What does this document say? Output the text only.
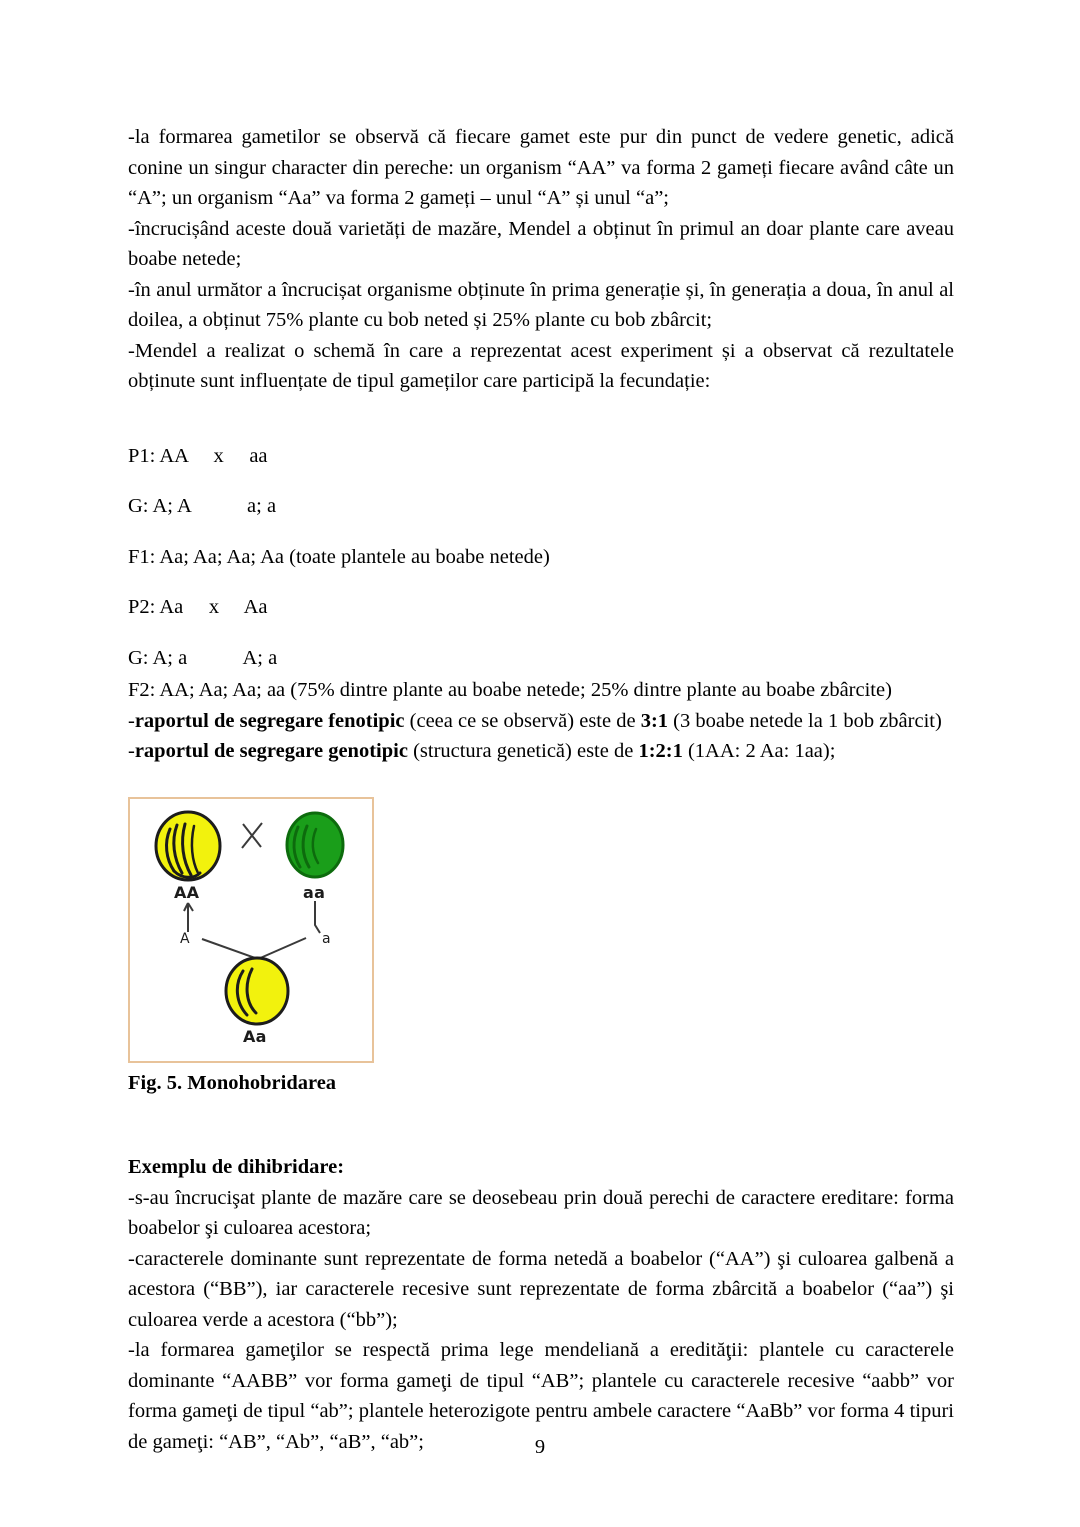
-la formarea gametilor se observă că fiecare gamet este pur din punct de vedere genetic, adică conine un singur character din pereche: un organism “AA” va forma 2 gameți fiecare având câte un “A”; un organism “Aa” va forma 2 gameți – unul “A” și unul “a”;

-încrucișând aceste două varietăți de mazăre, Mendel a obținut în primul an doar plante care aveau boabe netede;

-în anul următor a încrucișat organisme obținute în prima generație și, în generația a doua, în anul al doilea, a obținut 75% plante cu bob neted și 25% plante cu bob zbârcit;

-Mendel a realizat o schemă în care a reprezentat acest experiment și a observat că rezultatele obținute sunt influențate de tipul gameților care participă la fecundație:

P1: AA     x     aa
G: A; A           a; a
F1: Aa; Aa; Aa; Aa (toate plantele au boabe netede)
P2: Aa     x     Aa
G: A; a           A; a
F2: AA; Aa; Aa; aa (75% dintre plante au boabe netede; 25% dintre plante au boabe zbârcite)
-raportul de segregare fenotipic (ceea ce se observă) este de 3:1 (3 boabe netede la 1 bob zbârcit)
-raportul de segregare genotipic (structura genetică) este de 1:2:1 (1AA: 2 Aa: 1aa);
AA	aa
A	a
Aa
Fig. 5. Monohobridarea

Exemplu de dihibridare:

-s-au încrucişat plante de mazăre care se deosebeau prin două perechi de caractere ereditare: forma boabelor şi culoarea acestora;

-caracterele dominante sunt reprezentate de forma netedă a boabelor (“AA”) şi culoarea galbenă a acestora (“BB”), iar caracterele recesive sunt reprezentate de forma zbârcită a boabelor (“aa”) şi culoarea verde a acestora (“bb”);

-la formarea gameţilor se respectă prima lege mendeliană a eredităţii: plantele cu caracterele dominante “AABB” vor forma gameţi de tipul “AB”; plantele cu caracterele recesive “aabb” vor forma gameţi de tipul “ab”; plantele heterozigote pentru ambele caractere “AaBb” vor forma 4 tipuri de gameţi: “AB”, “Ab”, “aB”, “ab”;	9
